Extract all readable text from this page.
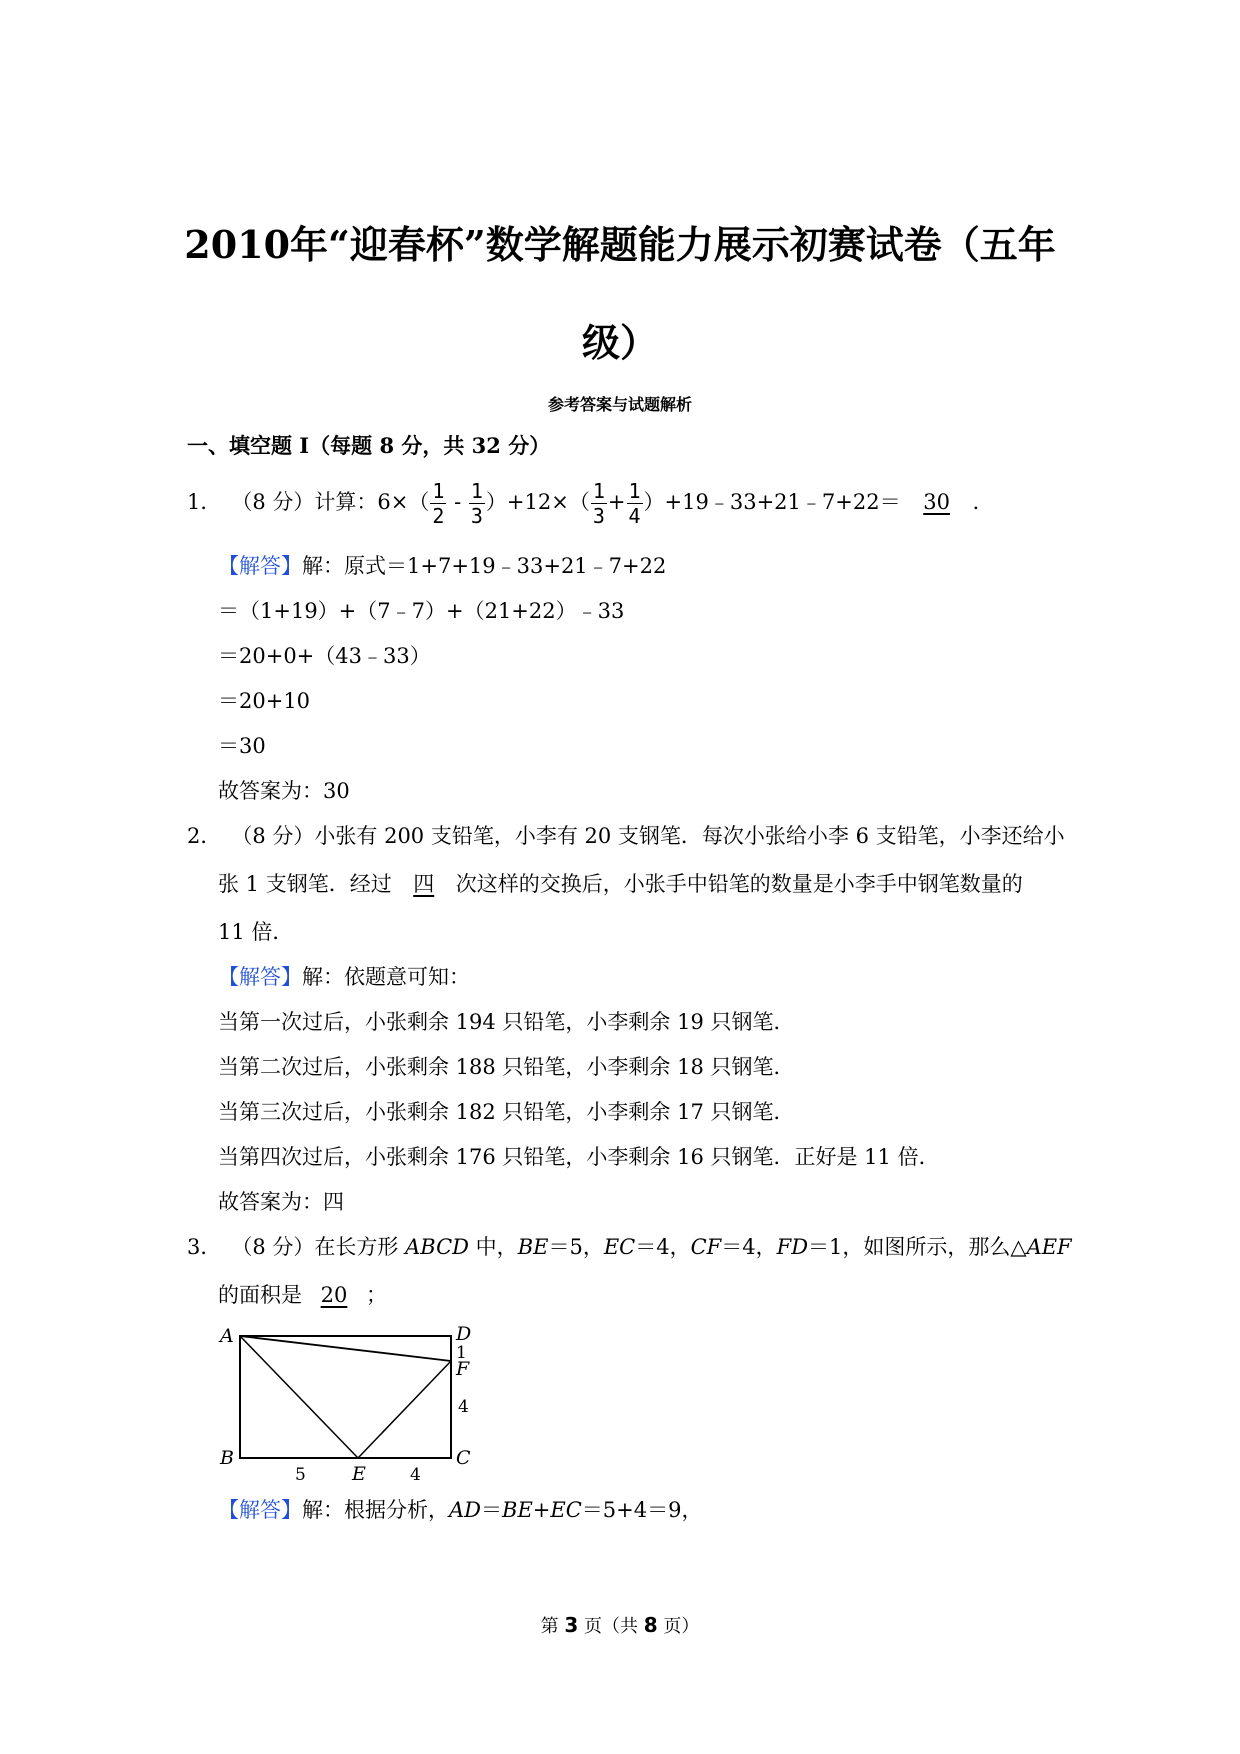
2010年“迎春杯”数学解题能力展示初赛试卷（五年
级）
参考答案与试题解析
一、填空题 I（每题 8 分，共 32 分）
1． （8 分）计算：$6\times( \frac{1}{2} - \frac{1}{3} )+12\times( \frac{1}{3} + \frac{1}{4}$ ）+19﹣33+21﹣7+22＝ 30 ．
【解答】解：原式＝1+7+19﹣33+21﹣7+22
＝（1+19）+（7﹣7）+（21+22）﹣33
＝20+0+（43﹣33）
＝20+10
＝30
故答案为：30
2． （8 分）小张有 200 支铅笔，小李有 20 支钢笔．每次小张给小李 6 支铅笔，小李还给小
张 1 支钢笔．经过 四 次这样的交换后，小张手中铅笔的数量是小李手中钢笔数量的
11 倍．
【解答】解：依题意可知：
当第一次过后，小张剩余 194 只铅笔，小李剩余 19 只钢笔．
当第二次过后，小张剩余 188 只铅笔，小李剩余 18 只钢笔．
当第三次过后，小张剩余 182 只铅笔，小李剩余 17 只钢笔．
当第四次过后，小张剩余 176 只铅笔，小李剩余 16 只钢笔．正好是 11 倍．
故答案为：四
3． （8 分）在长方形 ABCD 中，BE＝5，EC＝4，CF＝4，FD＝1，如图所示，那么△AEF
的面积是 20 ；
A	D
1
F
4
B	C
E
5	4
【解答】解：根据分析，AD＝BE+EC＝5+4＝9，
第 3 页（共 8 页）
